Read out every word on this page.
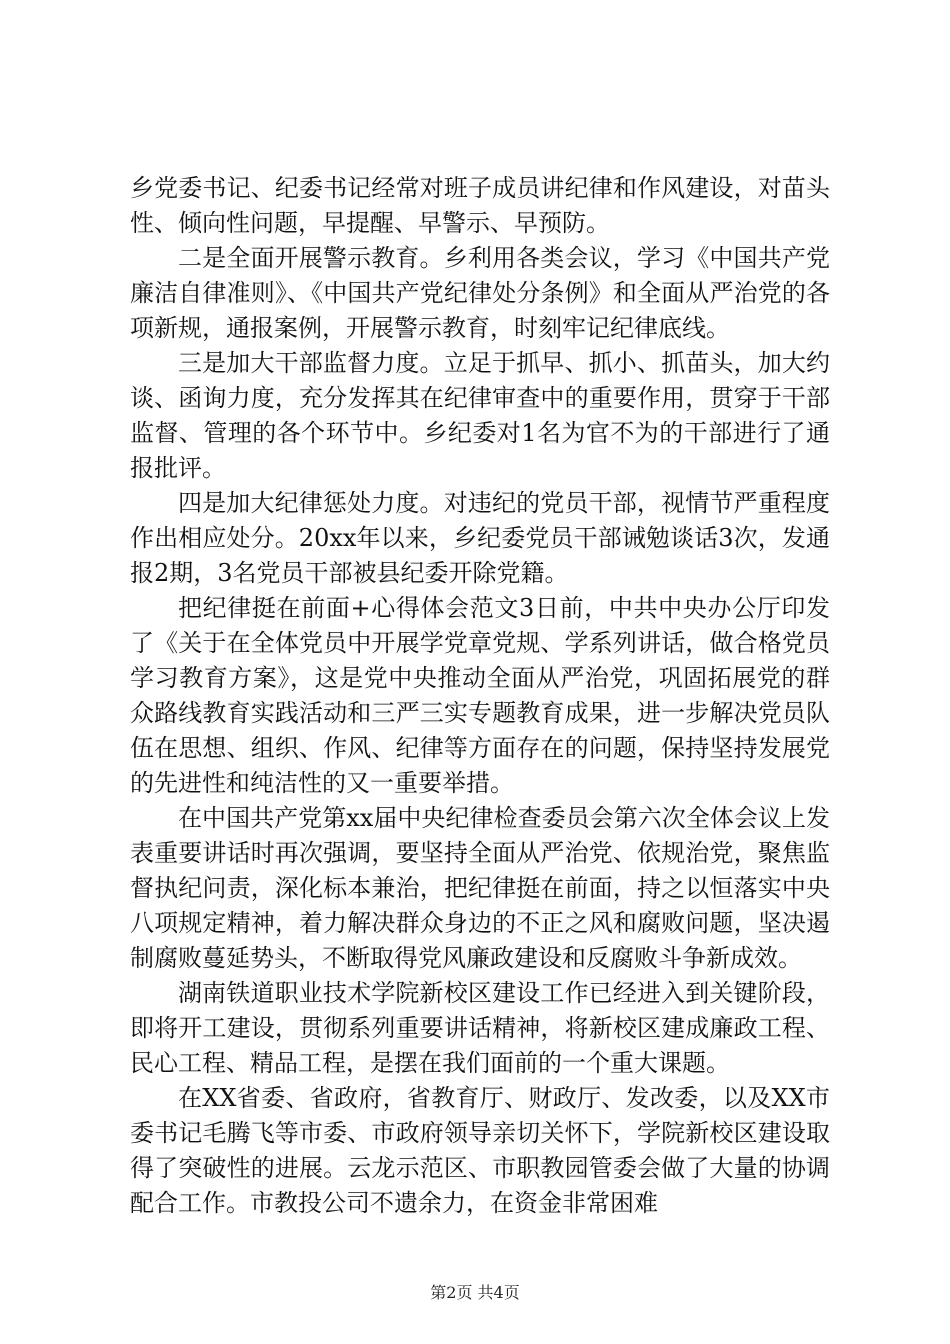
乡党委书记、纪委书记经常对班子成员讲纪律和作风建设，对苗头性、倾向性问题，早提醒、早警示、早预防。

二是全面开展警示教育。乡利用各类会议，学习《中国共产党廉洁自律准则》、《中国共产党纪律处分条例》和全面从严治党的各项新规，通报案例，开展警示教育，时刻牢记纪律底线。

三是加大干部监督力度。立足于抓早、抓小、抓苗头，加大约谈、函询力度，充分发挥其在纪律审查中的重要作用，贯穿于干部监督、管理的各个环节中。乡纪委对1名为官不为的干部进行了通报批评。

四是加大纪律惩处力度。对违纪的党员干部，视情节严重程度作出相应处分。20xx年以来，乡纪委党员干部诫勉谈话3次，发通报2期，3名党员干部被县纪委开除党籍。

把纪律挺在前面+心得体会范文3日前，中共中央办公厅印发了《关于在全体党员中开展学党章党规、学系列讲话，做合格党员学习教育方案》，这是党中央推动全面从严治党，巩固拓展党的群众路线教育实践活动和三严三实专题教育成果，进一步解决党员队伍在思想、组织、作风、纪律等方面存在的问题，保持坚持发展党的先进性和纯洁性的又一重要举措。

在中国共产党第xx届中央纪律检查委员会第六次全体会议上发表重要讲话时再次强调，要坚持全面从严治党、依规治党，聚焦监督执纪问责，深化标本兼治，把纪律挺在前面，持之以恒落实中央八项规定精神，着力解决群众身边的不正之风和腐败问题，坚决遏制腐败蔓延势头，不断取得党风廉政建设和反腐败斗争新成效。

湖南铁道职业技术学院新校区建设工作已经进入到关键阶段，即将开工建设，贯彻系列重要讲话精神，将新校区建成廉政工程、民心工程、精品工程，是摆在我们面前的一个重大课题。

在XX省委、省政府，省教育厅、财政厅、发改委，以及XX市委书记毛腾飞等市委、市政府领导亲切关怀下，学院新校区建设取得了突破性的进展。云龙示范区、市职教园管委会做了大量的协调配合工作。市教投公司不遗余力，在资金非常困难

第2页 共4页
